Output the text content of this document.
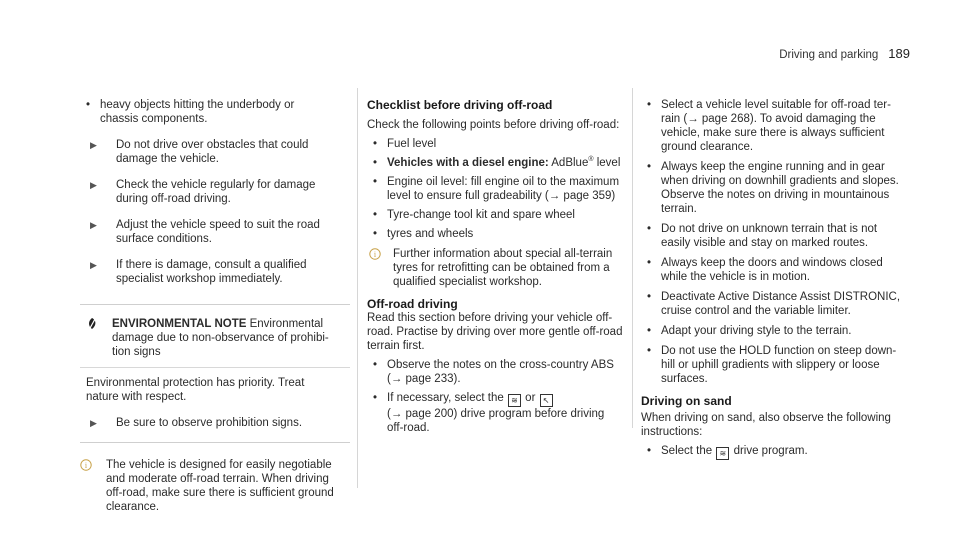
Driving and parking 189
• heavy objects hitting the underbody or
chassis components.
▶	Do not drive over obstacles that could
damage the vehicle.
▶	Check the vehicle regularly for damage
during off-road driving.
▶	Adjust the vehicle speed to suit the road
surface conditions.
▶	If there is damage, consult a qualified
specialist workshop immediately.
ENVIRONMENTAL NOTE Environmental
damage due to non-observance of prohibi-
tion signs
Environmental protection has priority. Treat
nature with respect.
▶	Be sure to observe prohibition signs.
i The vehicle is designed for easily negotiable
and moderate off-road terrain. When driving
off-road, make sure there is sufficient ground
clearance.
Checklist before driving off-road
Check the following points before driving off-road:
• Fuel level
• Vehicles with a diesel engine: AdBlue® level
• Engine oil level: fill engine oil to the maximum
level to ensure full gradeability (→ page 359)
• Tyre-change tool kit and spare wheel
• tyres and wheels
i Further information about special all-terrain
tyres for retrofitting can be obtained from a
qualified specialist workshop.
Off-road driving
Read this section before driving your vehicle off-
road. Practise by driving over more gentle off-road
terrain first.
• Observe the notes on the cross-country ABS
(→ page 233).
• If necessary, select the ≋ or ↖
(→ page 200) drive program before driving
off-road.
• Select a vehicle level suitable for off-road ter-
rain (→ page 268). To avoid damaging the
vehicle, make sure there is always sufficient
ground clearance.
• Always keep the engine running and in gear
when driving on downhill gradients and slopes.
Observe the notes on driving in mountainous
terrain.
• Do not drive on unknown terrain that is not
easily visible and stay on marked routes.
• Always keep the doors and windows closed
while the vehicle is in motion.
• Deactivate Active Distance Assist DISTRONIC,
cruise control and the variable limiter.
• Adapt your driving style to the terrain.
• Do not use the HOLD function on steep down-
hill or uphill gradients with slippery or loose
surfaces.
Driving on sand
When driving on sand, also observe the following
instructions:
• Select the ≋ drive program.
